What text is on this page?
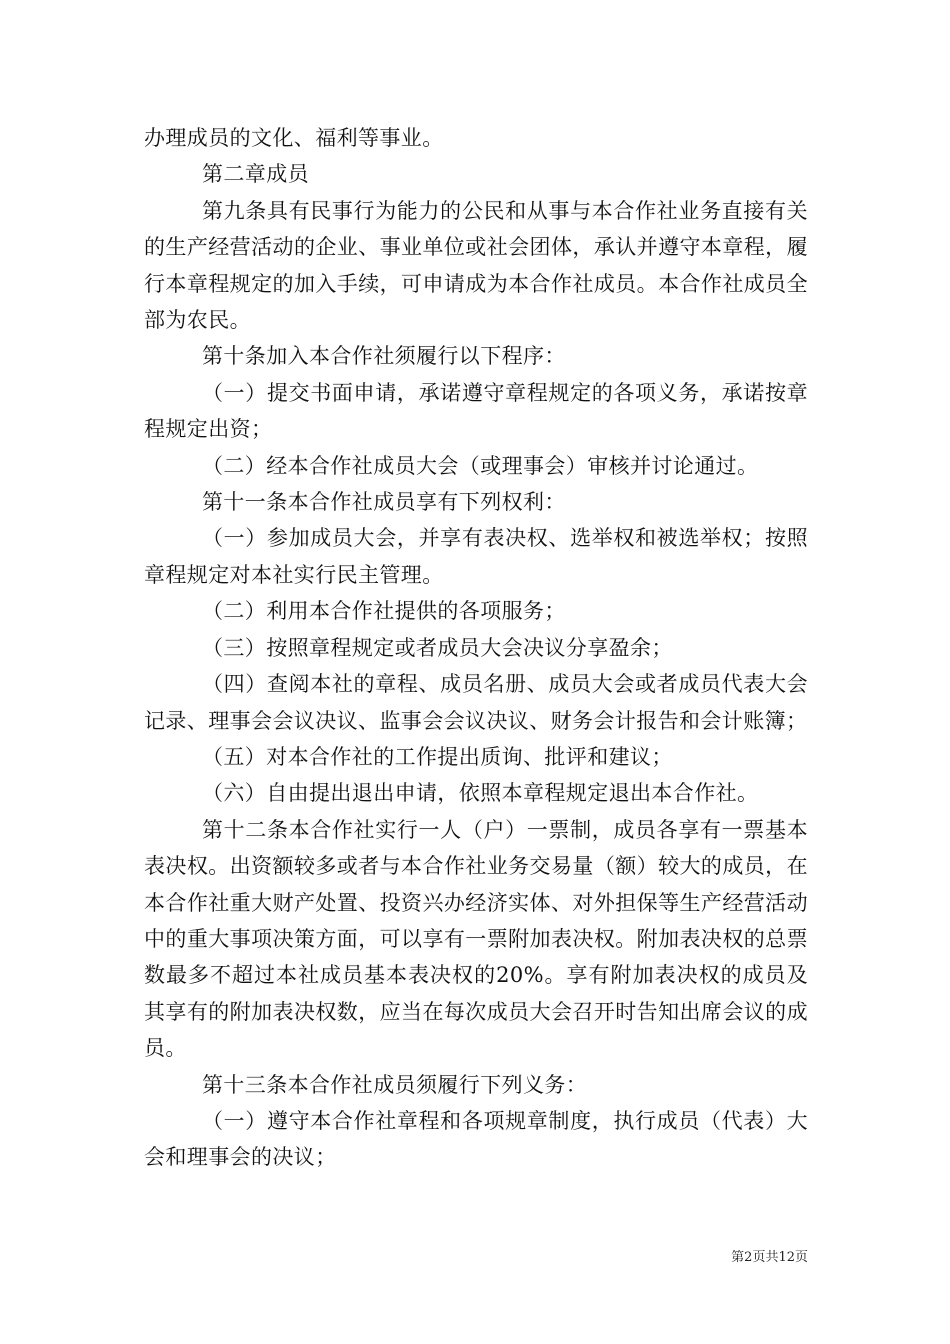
办理成员的文化、福利等事业。

第二章成员

第九条具有民事行为能力的公民和从事与本合作社业务直接有关的生产经营活动的企业、事业单位或社会团体，承认并遵守本章程，履行本章程规定的加入手续，可申请成为本合作社成员。本合作社成员全部为农民。

第十条加入本合作社须履行以下程序：

（一）提交书面申请，承诺遵守章程规定的各项义务，承诺按章程规定出资；

（二）经本合作社成员大会（或理事会）审核并讨论通过。

第十一条本合作社成员享有下列权利：

（一）参加成员大会，并享有表决权、选举权和被选举权；按照章程规定对本社实行民主管理。

（二）利用本合作社提供的各项服务；

（三）按照章程规定或者成员大会决议分享盈余；

（四）查阅本社的章程、成员名册、成员大会或者成员代表大会记录、理事会会议决议、监事会会议决议、财务会计报告和会计账簿；

（五）对本合作社的工作提出质询、批评和建议；

（六）自由提出退出申请，依照本章程规定退出本合作社。

第十二条本合作社实行一人（户）一票制，成员各享有一票基本表决权。出资额较多或者与本合作社业务交易量（额）较大的成员，在本合作社重大财产处置、投资兴办经济实体、对外担保等生产经营活动中的重大事项决策方面，可以享有一票附加表决权。附加表决权的总票数最多不超过本社成员基本表决权的20%。享有附加表决权的成员及其享有的附加表决权数，应当在每次成员大会召开时告知出席会议的成员。

第十三条本合作社成员须履行下列义务：

（一）遵守本合作社章程和各项规章制度，执行成员（代表）大会和理事会的决议；

第2页共12页
